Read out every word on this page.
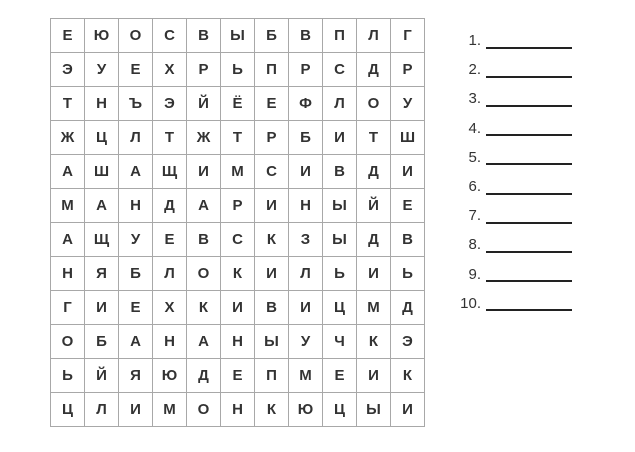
Е	Ю	О	С	В	Ы	Б	В	П	Л	Г
Э	У	Е	Х	Р	Ь	П	Р	С	Д	Р
Т	Н	Ъ	Э	Й	Ё	Е	Ф	Л	О	У
Ж	Ц	Л	Т	Ж	Т	Р	Б	И	Т	Ш
А	Ш	А	Щ	И	М	С	И	В	Д	И
М	А	Н	Д	А	Р	И	Н	Ы	Й	Е
А	Щ	У	Е	В	С	К	З	Ы	Д	В
Н	Я	Б	Л	О	К	И	Л	Ь	И	Ь
Г	И	Е	Х	К	И	В	И	Ц	М	Д
О	Б	А	Н	А	Н	Ы	У	Ч	К	Э
Ь	Й	Я	Ю	Д	Е	П	М	Е	И	К
Ц	Л	И	М	О	Н	К	Ю	Ц	Ы	И
1.
2.
3.
4.
5.
6.
7.
8.
9.
10.
